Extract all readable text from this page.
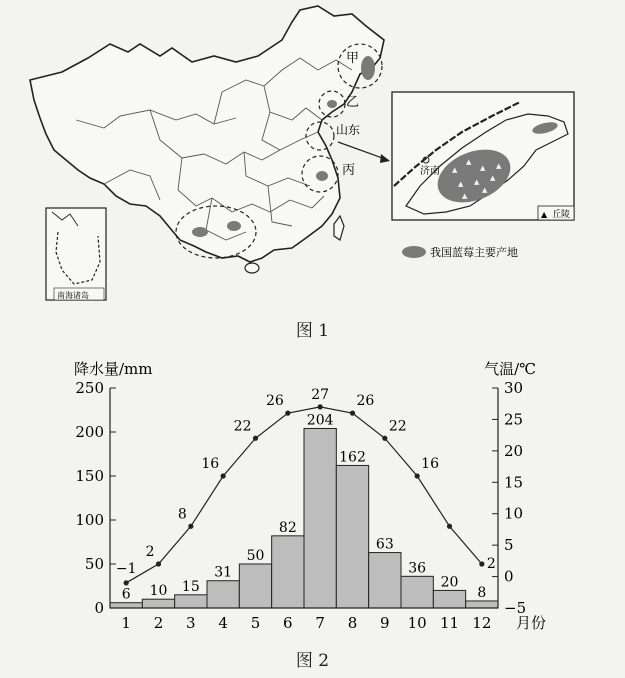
甲
乙
丙
山东
▲
▲
▲
▲ ▲ ▲
▲
▲
▲
济南
▲ 丘陵
我国蓝莓主要产地
南海诸岛
图 1
0
50
100
150
200
250
−5
0
5
10
15
20
25
30
1 2 3 4 5 6 7 8 9 10 11 12 月份
降水量/mm	气温/℃
6 10 15
31
50
82
204
162
63
36
20
8
−1
2
8
16
22
26 27 26
22
16
2
图 2
